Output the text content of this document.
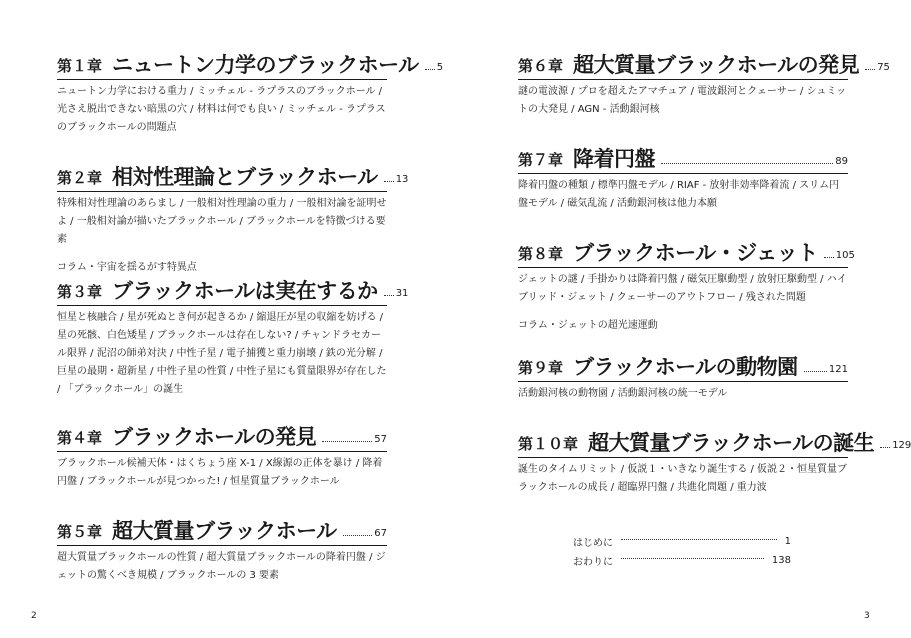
第１章 ニュートン力学のブラックホール 5
ニュートン力学における重力 / ミッチェル - ラプラスのブラックホール / 光さえ脱出できない暗黒の穴 / 材料は何でも良い / ミッチェル - ラプラスのブラックホールの問題点
第２章 相対性理論とブラックホール 13
特殊相対性理論のあらまし / 一般相対性理論の重力 / 一般相対論を証明せよ / 一般相対論が描いたブラックホール / ブラックホールを特徴づける要素
コラム・宇宙を揺るがす特異点
第３章 ブラックホールは実在するか 31
恒星と核融合 / 星が死ぬとき何が起きるか / 縮退圧が星の収縮を妨げる / 星の死骸、白色矮星 / ブラックホールは存在しない? / チャンドラセカール限界 / 泥沼の師弟対決 / 中性子星 / 電子捕獲と重力崩壊 / 鉄の光分解 / 巨星の最期・超新星 / 中性子星の性質 / 中性子星にも質量限界が存在した / 「ブラックホール」の誕生
第４章 ブラックホールの発見	57
ブラックホール候補天体・はくちょう座 X-1 / X線源の正体を暴け / 降着円盤 / ブラックホールが見つかった! / 恒星質量ブラックホール
第５章 超大質量ブラックホール	67
超大質量ブラックホールの性質 / 超大質量ブラックホールの降着円盤 / ジェットの驚くべき規模 / ブラックホールの 3 要素
2
第６章 超大質量ブラックホールの発見 75
謎の電波源 / プロを超えたアマチュア / 電波銀河とクェーサー / シュミットの大発見 / AGN - 活動銀河核
第７章 降着円盤	89
降着円盤の種類 / 標準円盤モデル / RIAF - 放射非効率降着流 / スリム円盤モデル / 磁気乱流 / 活動銀河核は他力本願
第８章 ブラックホール・ジェット 105
ジェットの謎 / 手掛かりは降着円盤 / 磁気圧駆動型 / 放射圧駆動型 / ハイブリッド・ジェット / クェーサーのアウトフロー / 残された問題
コラム・ジェットの超光速運動
第９章 ブラックホールの動物園	121
活動銀河核の動物園 / 活動銀河核の統一モデル
第１０章 超大質量ブラックホールの誕生 129
誕生のタイムリミット / 仮説１・いきなり誕生する / 仮説２・恒星質量ブラックホールの成長 / 超臨界円盤 / 共進化問題 / 重力波
はじめに	1
おわりに	138
3
